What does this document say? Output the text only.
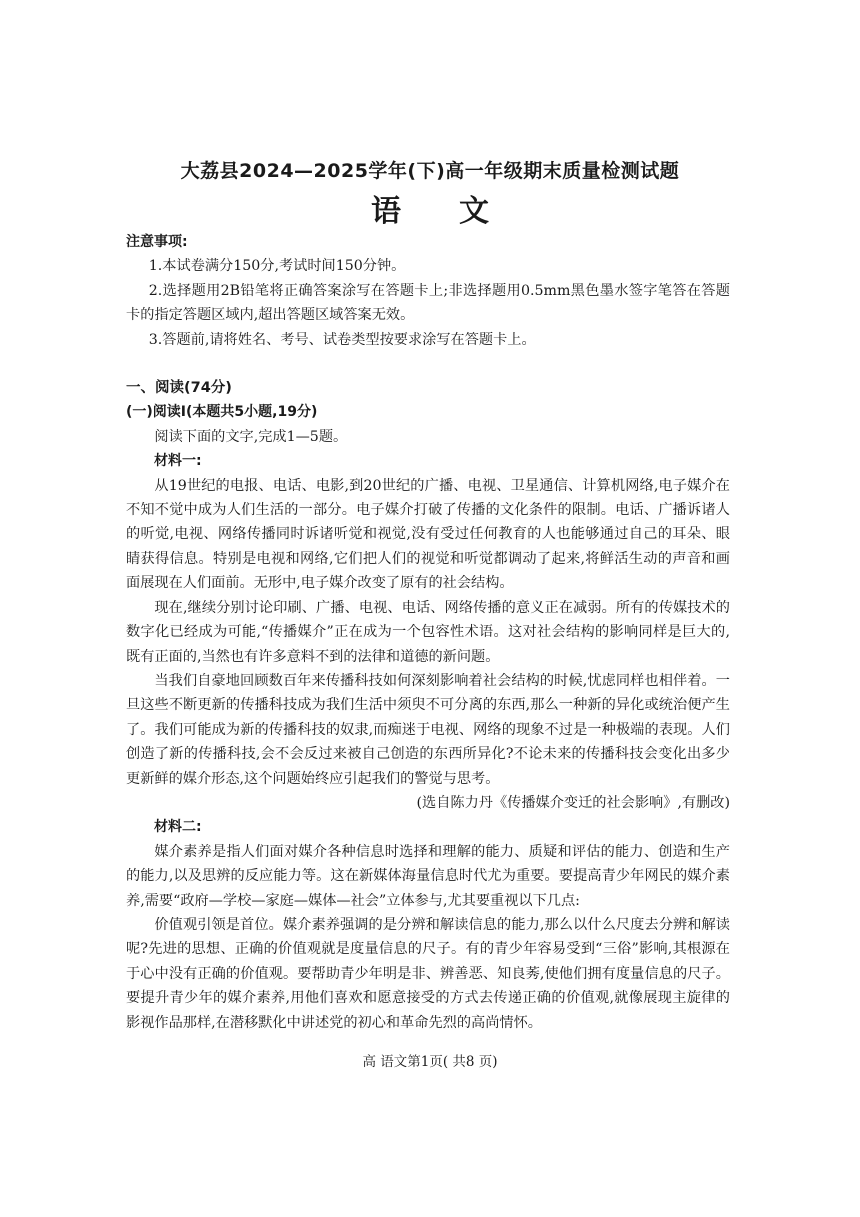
大荔县2024—2025学年(下)高一年级期末质量检测试题
语文
注意事项:

1.本试卷满分150分,考试时间150分钟。

2.选择题用2B铅笔将正确答案涂写在答题卡上;非选择题用0.5mm黑色墨水签字笔答在答题卡的指定答题区域内,超出答题区域答案无效。

3.答题前,请将姓名、考号、试卷类型按要求涂写在答题卡上。

一、阅读(74分)
(一)阅读Ⅰ(本题共5小题,19分)

阅读下面的文字,完成1—5题。

材料一:

从19世纪的电报、电话、电影,到20世纪的广播、电视、卫星通信、计算机网络,电子媒介在不知不觉中成为人们生活的一部分。电子媒介打破了传播的文化条件的限制。电话、广播诉诸人的听觉,电视、网络传播同时诉诸听觉和视觉,没有受过任何教育的人也能够通过自己的耳朵、眼睛获得信息。特别是电视和网络,它们把人们的视觉和听觉都调动了起来,将鲜活生动的声音和画面展现在人们面前。无形中,电子媒介改变了原有的社会结构。

现在,继续分别讨论印刷、广播、电视、电话、网络传播的意义正在减弱。所有的传媒技术的数字化已经成为可能,“传播媒介”正在成为一个包容性术语。这对社会结构的影响同样是巨大的,既有正面的,当然也有许多意料不到的法律和道德的新问题。

当我们自豪地回顾数百年来传播科技如何深刻影响着社会结构的时候,忧虑同样也相伴着。一旦这些不断更新的传播科技成为我们生活中须臾不可分离的东西,那么一种新的异化或统治便产生了。我们可能成为新的传播科技的奴隶,而痴迷于电视、网络的现象不过是一种极端的表现。人们创造了新的传播科技,会不会反过来被自己创造的东西所异化?不论未来的传播科技会变化出多少更新鲜的媒介形态,这个问题始终应引起我们的警觉与思考。

(选自陈力丹《传播媒介变迁的社会影响》,有删改)

材料二:

媒介素养是指人们面对媒介各种信息时选择和理解的能力、质疑和评估的能力、创造和生产的能力,以及思辨的反应能力等。这在新媒体海量信息时代尤为重要。要提高青少年网民的媒介素养,需要“政府—学校—家庭—媒体—社会”立体参与,尤其要重视以下几点:

价值观引领是首位。媒介素养强调的是分辨和解读信息的能力,那么以什么尺度去分辨和解读呢?先进的思想、正确的价值观就是度量信息的尺子。有的青少年容易受到“三俗”影响,其根源在于心中没有正确的价值观。要帮助青少年明是非、辨善恶、知良莠,使他们拥有度量信息的尺子。要提升青少年的媒介素养,用他们喜欢和愿意接受的方式去传递正确的价值观,就像展现主旋律的影视作品那样,在潜移默化中讲述党的初心和革命先烈的高尚情怀。

高 语文第1页( 共8 页)
